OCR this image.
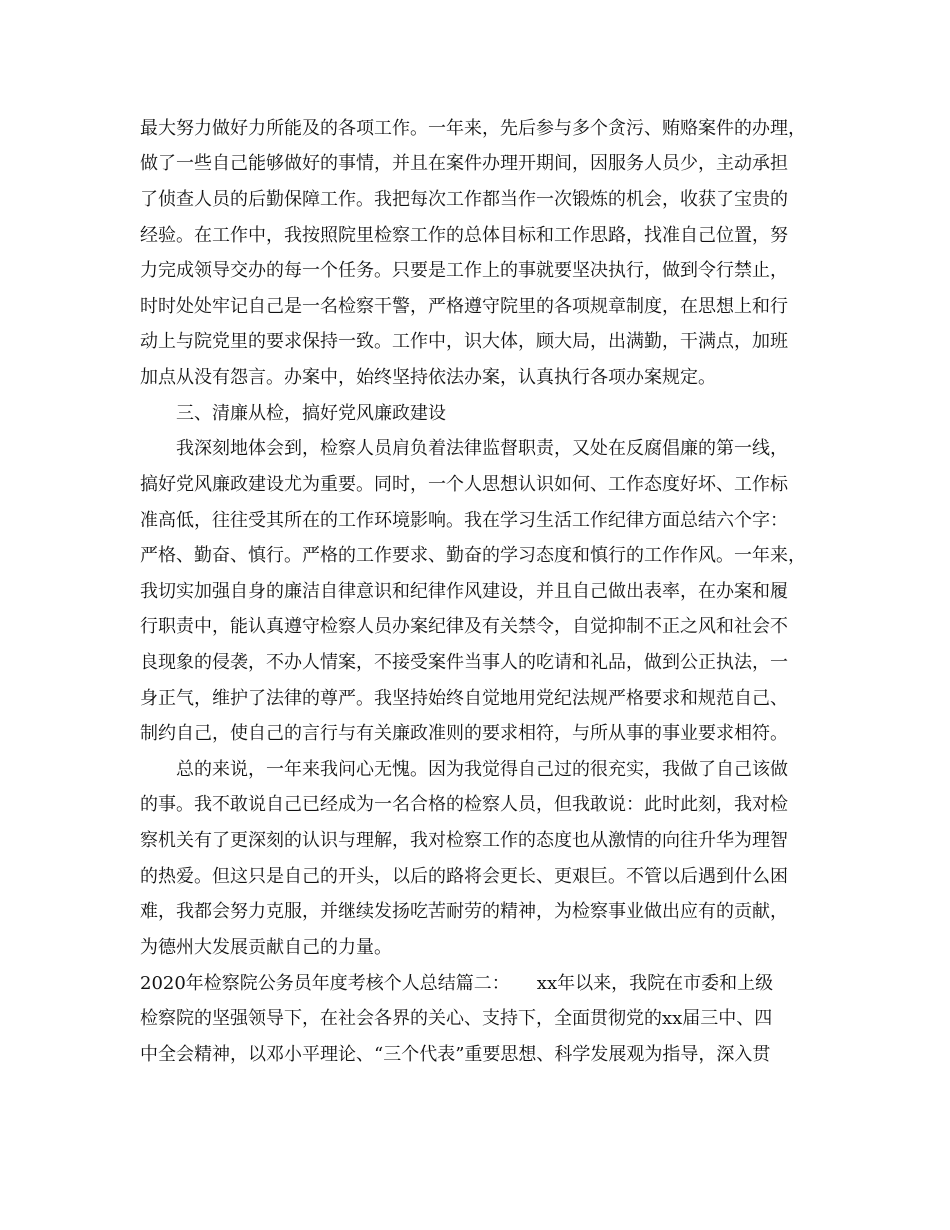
最大努力做好力所能及的各项工作。一年来，先后参与多个贪污、贿赂案件的办理，
做了一些自己能够做好的事情，并且在案件办理开期间，因服务人员少，主动承担
了侦查人员的后勤保障工作。我把每次工作都当作一次锻炼的机会，收获了宝贵的
经验。在工作中，我按照院里检察工作的总体目标和工作思路，找准自己位置，努
力完成领导交办的每一个任务。只要是工作上的事就要坚决执行，做到令行禁止，
时时处处牢记自己是一名检察干警，严格遵守院里的各项规章制度，在思想上和行
动上与院党里的要求保持一致。工作中，识大体，顾大局，出满勤，干满点，加班
加点从没有怨言。办案中，始终坚持依法办案，认真执行各项办案规定。
三、清廉从检，搞好党风廉政建设
我深刻地体会到，检察人员肩负着法律监督职责，又处在反腐倡廉的第一线，
搞好党风廉政建设尤为重要。同时，一个人思想认识如何、工作态度好坏、工作标
准高低，往往受其所在的工作环境影响。我在学习生活工作纪律方面总结六个字：
严格、勤奋、慎行。严格的工作要求、勤奋的学习态度和慎行的工作作风。一年来，
我切实加强自身的廉洁自律意识和纪律作风建设，并且自己做出表率，在办案和履
行职责中，能认真遵守检察人员办案纪律及有关禁令，自觉抑制不正之风和社会不
良现象的侵袭，不办人情案，不接受案件当事人的吃请和礼品，做到公正执法，一
身正气，维护了法律的尊严。我坚持始终自觉地用党纪法规严格要求和规范自己、
制约自己，使自己的言行与有关廉政准则的要求相符，与所从事的事业要求相符。
总的来说，一年来我问心无愧。因为我觉得自己过的很充实，我做了自己该做
的事。我不敢说自己已经成为一名合格的检察人员，但我敢说：此时此刻，我对检
察机关有了更深刻的认识与理解，我对检察工作的态度也从激情的向往升华为理智
的热爱。但这只是自己的开头，以后的路将会更长、更艰巨。不管以后遇到什么困
难，我都会努力克服，并继续发扬吃苦耐劳的精神，为检察事业做出应有的贡献，
为德州大发展贡献自己的力量。
2020年检察院公务员年度考核个人总结篇二：　　xx年以来，我院在市委和上级
检察院的坚强领导下，在社会各界的关心、支持下，全面贯彻党的xx届三中、四
中全会精神，以邓小平理论、“三个代表”重要思想、科学发展观为指导，深入贯
